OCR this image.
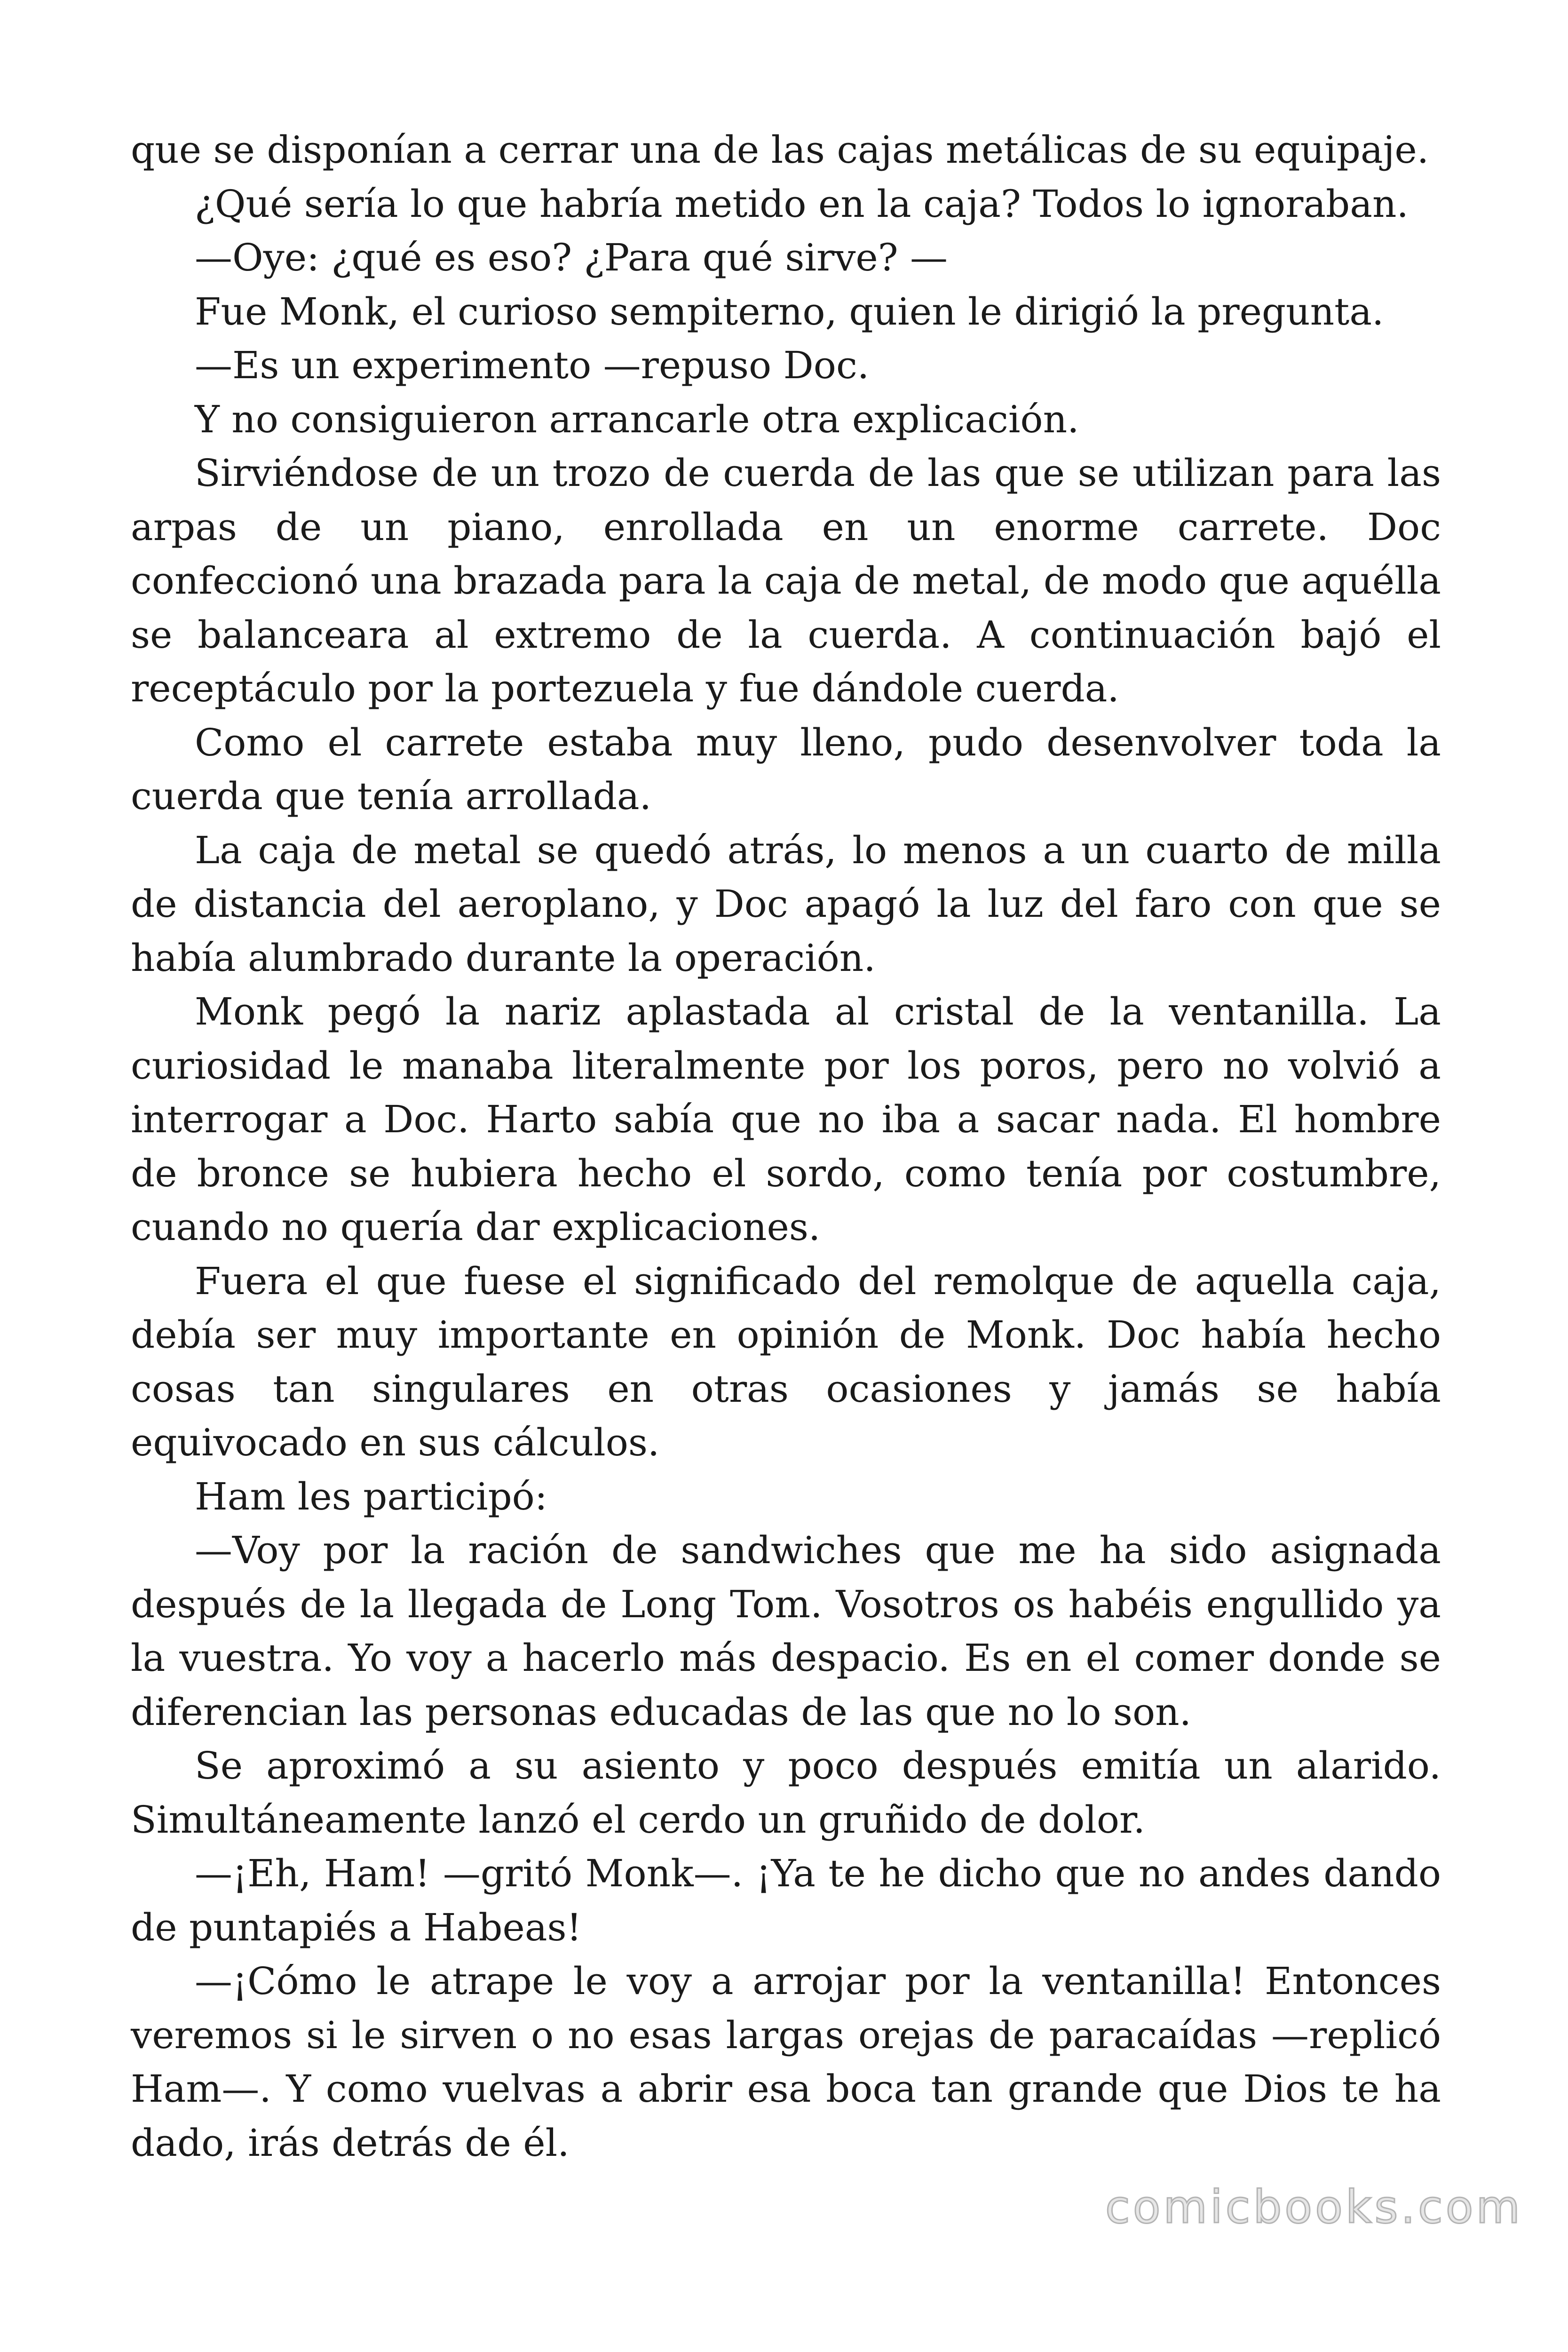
que se disponían a cerrar una de las cajas metálicas de su equipaje.

¿Qué sería lo que habría metido en la caja? Todos lo ignoraban.

—Oye: ¿qué es eso? ¿Para qué sirve? —

Fue Monk, el curioso sempiterno, quien le dirigió la pregunta.

—Es un experimento —repuso Doc.

Y no consiguieron arrancarle otra explicación.

Sirviéndose de un trozo de cuerda de las que se utilizan para las arpas de un piano, enrollada en un enorme carrete. Doc confeccionó una brazada para la caja de metal, de modo que aquélla se balanceara al extremo de la cuerda. A continuación bajó el receptáculo por la portezuela y fue dándole cuerda.

Como el carrete estaba muy lleno, pudo desenvolver toda la cuerda que tenía arrollada.

La caja de metal se quedó atrás, lo menos a un cuarto de milla de distancia del aeroplano, y Doc apagó la luz del faro con que se había alumbrado durante la operación.

Monk pegó la nariz aplastada al cristal de la ventanilla. La curiosidad le manaba literalmente por los poros, pero no volvió a interrogar a Doc. Harto sabía que no iba a sacar nada. El hombre de bronce se hubiera hecho el sordo, como tenía por costumbre, cuando no quería dar explicaciones.

Fuera el que fuese el significado del remolque de aquella caja, debía ser muy importante en opinión de Monk. Doc había hecho cosas tan singulares en otras ocasiones y jamás se había equivocado en sus cálculos.

Ham les participó:

—Voy por la ración de sandwiches que me ha sido asignada después de la llegada de Long Tom. Vosotros os habéis engullido ya la vuestra. Yo voy a hacerlo más despacio. Es en el comer donde se diferencian las personas educadas de las que no lo son.

Se aproximó a su asiento y poco después emitía un alarido. Simultáneamente lanzó el cerdo un gruñido de dolor.

—¡Eh, Ham! —gritó Monk—. ¡Ya te he dicho que no andes dando de puntapiés a Habeas!

—¡Cómo le atrape le voy a arrojar por la ventanilla! Entonces veremos si le sirven o no esas largas orejas de paracaídas —replicó Ham—. Y como vuelvas a abrir esa boca tan grande que Dios te ha dado, irás detrás de él.

comicbooks.com
